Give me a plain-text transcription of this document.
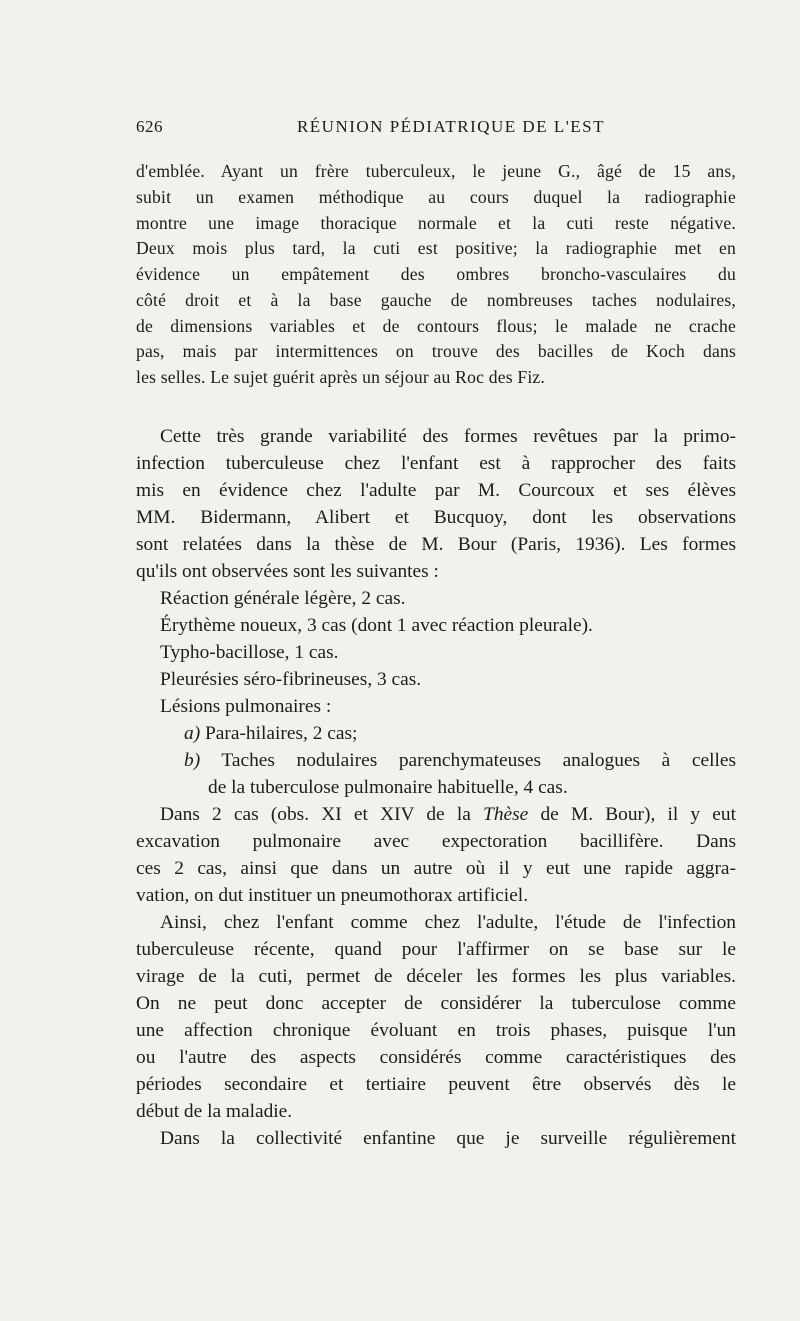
626	RÉUNION PÉDIATRIQUE DE L'EST
d'emblée. Ayant un frère tuberculeux, le jeune G., âgé de 15 ans,
subit un examen méthodique au cours duquel la radiographie
montre une image thoracique normale et la cuti reste négative.
Deux mois plus tard, la cuti est positive; la radiographie met en
évidence un empâtement des ombres broncho-vasculaires du
côté droit et à la base gauche de nombreuses taches nodulaires,
de dimensions variables et de contours flous; le malade ne crache
pas, mais par intermittences on trouve des bacilles de Koch dans
les selles. Le sujet guérit après un séjour au Roc des Fiz.
Cette très grande variabilité des formes revêtues par la primo-
infection tuberculeuse chez l'enfant est à rapprocher des faits
mis en évidence chez l'adulte par M. Courcoux et ses élèves
MM. Bidermann, Alibert et Bucquoy, dont les observations
sont relatées dans la thèse de M. Bour (Paris, 1936). Les formes
qu'ils ont observées sont les suivantes :
Réaction générale légère, 2 cas.
Érythème noueux, 3 cas (dont 1 avec réaction pleurale).
Typho-bacillose, 1 cas.
Pleurésies séro-fibrineuses, 3 cas.
Lésions pulmonaires :
a) Para-hilaires, 2 cas;
b) Taches nodulaires parenchymateuses analogues à celles
de la tuberculose pulmonaire habituelle, 4 cas.
Dans 2 cas (obs. XI et XIV de la Thèse de M. Bour), il y eut
excavation pulmonaire avec expectoration bacillifère. Dans
ces 2 cas, ainsi que dans un autre où il y eut une rapide aggra-
vation, on dut instituer un pneumothorax artificiel.
Ainsi, chez l'enfant comme chez l'adulte, l'étude de l'infection
tuberculeuse récente, quand pour l'affirmer on se base sur le
virage de la cuti, permet de déceler les formes les plus variables.
On ne peut donc accepter de considérer la tuberculose comme
une affection chronique évoluant en trois phases, puisque l'un
ou l'autre des aspects considérés comme caractéristiques des
périodes secondaire et tertiaire peuvent être observés dès le
début de la maladie.
Dans la collectivité enfantine que je surveille régulièrement
